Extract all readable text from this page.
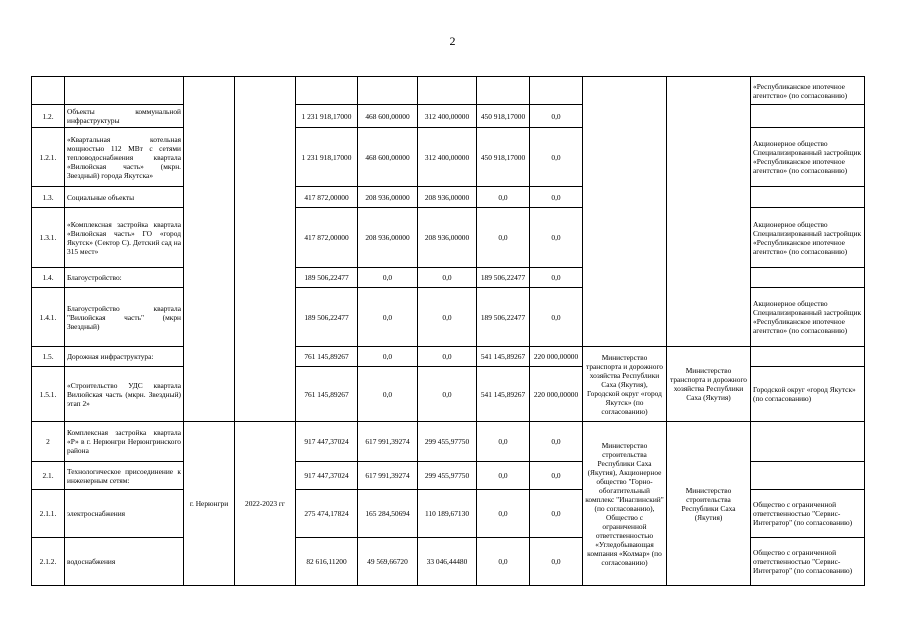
2
											«Республиканское ипотечное агентство» (по согласованию)
1.2.	Объекты коммунальной инфраструктуры			1 231 918,17000	468 600,00000	312 400,00000	450 918,17000	0,0			
1.2.1.	«Квартальная котельная мощностью 112 МВт с сетями тепловодоснабжения квартала «Вилюйская часть» (мкрн. Звездный) города Якутска»			1 231 918,17000	468 600,00000	312 400,00000	450 918,17000	0,0			Акционерное общество Специализированный застройщик «Республиканское ипотечное агентство» (по согласованию)
1.3.	Социальные объекты			417 872,00000	208 936,00000	208 936,00000	0,0	0,0			
1.3.1.	«Комплексная застройка квартала «Вилюйская часть» ГО «город Якутск» (Сектор С). Детский сад на 315 мест»			417 872,00000	208 936,00000	208 936,00000	0,0	0,0			Акционерное общество Специализированный застройщик «Республиканское ипотечное агентство» (по согласованию)
1.4.	Благоустройство:			189 506,22477	0,0	0,0	189 506,22477	0,0			
1.4.1.	Благоустройство квартала "Вилюйская часть" (мкрн Звездный)			189 506,22477	0,0	0,0	189 506,22477	0,0			Акционерное общество Специализированный застройщик «Республиканское ипотечное агентство» (по согласованию)
1.5.	Дорожная инфраструктура:			761 145,89267	0,0	0,0	541 145,89267	220 000,00000	Министерство транспорта и дорожного хозяйства Республики Саха (Якутия), Городской округ «город Якутск» (по согласованию)	Министерство транспорта и дорожного хозяйства Республики Саха (Якутия)	
1.5.1.	«Строительство УДС квартала Вилюйская часть (мкрн. Звездный) этап 2»			761 145,89267	0,0	0,0	541 145,89267	220 000,00000			Городской округ «город Якутск» (по согласованию)
2	Комплексная застройка квартала «Р» в г. Нерюнгри Нерюнгринского района	г. Нерюнгри	2022-2023 гг	917 447,37024	617 991,39274	299 455,97750	0,0	0,0	Министерство строительства Республики Саха (Якутия), Акционерное общество "Горно-обогатительный комплекс "Инаглинский" (по согласованию), Общество с ограниченной ответственностью «Угледобывающая компания «Колмар» (по согласованию)	Министерство строительства Республики Саха (Якутия)	
2.1.	Технологическое присоединение к инженерным сетям:			917 447,37024	617 991,39274	299 455,97750	0,0	0,0			
2.1.1.	электроснабжения			275 474,17824	165 284,50694	110 189,67130	0,0	0,0			Общество с ограниченной ответственностью "Сервис-Интегратор" (по согласованию)
2.1.2.	водоснабжения			82 616,11200	49 569,66720	33 046,44480	0,0	0,0			Общество с ограниченной ответственностью "Сервис-Интегратор" (по согласованию)
